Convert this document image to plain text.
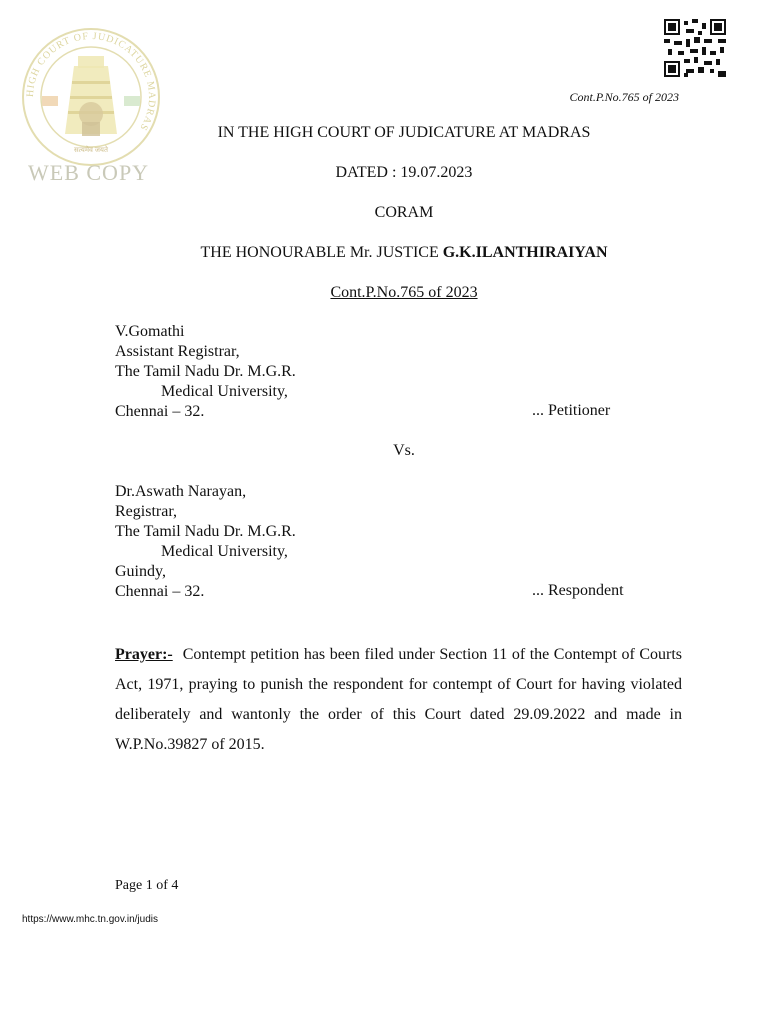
HIGH COURT OF JUDICATURE MADRAS
सत्यमेव जयते
WEB COPY
Cont.P.No.765 of 2023
IN THE HIGH COURT OF JUDICATURE AT MADRAS
DATED : 19.07.2023
CORAM
THE HONOURABLE Mr. JUSTICE G.K.ILANTHIRAIYAN
Cont.P.No.765 of 2023
V.Gomathi
Assistant Registrar,
The Tamil Nadu Dr. M.G.R.
Medical University,
Chennai – 32.	... Petitioner
Vs.
Dr.Aswath Narayan,
Registrar,
The Tamil Nadu Dr. M.G.R.
Medical University,
Guindy,
Chennai – 32.	... Respondent
Prayer:- Contempt petition has been filed under Section 11 of the Contempt of Courts Act, 1971, praying to punish the respondent for contempt of Court for having violated deliberately and wantonly the order of this Court dated 29.09.2022 and made in W.P.No.39827 of 2015.
Page 1 of 4
https://www.mhc.tn.gov.in/judis
